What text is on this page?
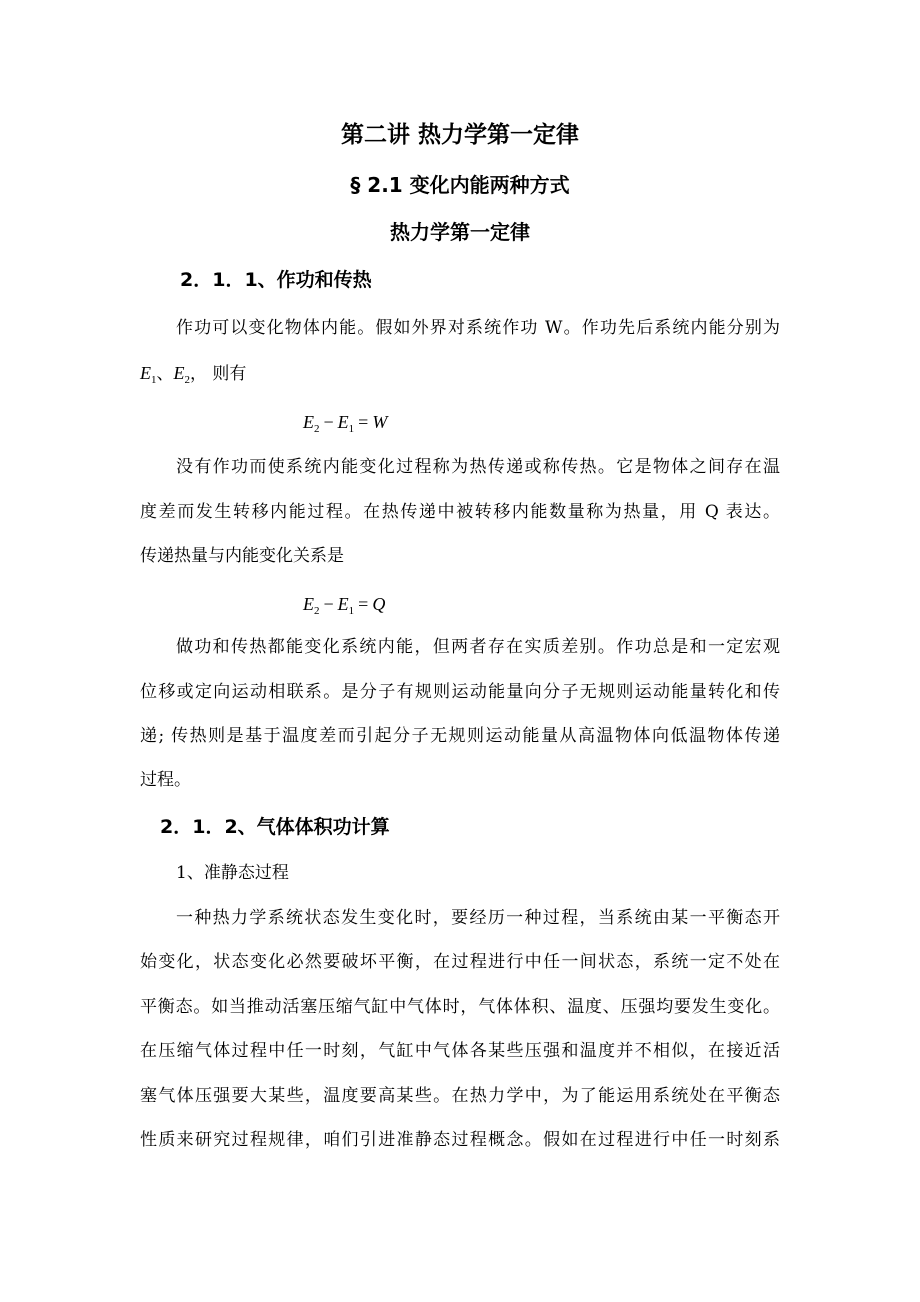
第二讲 热力学第一定律
§ 2.1 变化内能两种方式
热力学第一定律
2．1．1、作功和传热
作功可以变化物体内能。假如外界对系统作功 W。作功先后系统内能分别为
$E_1$、$E_2$， 则有
$E_2 - E_1 = W$
没有作功而使系统内能变化过程称为热传递或称传热。它是物体之间存在温
度差而发生转移内能过程。在热传递中被转移内能数量称为热量，用 Q 表达。
传递热量与内能变化关系是
$E_2 - E_1 = Q$
做功和传热都能变化系统内能，但两者存在实质差别。作功总是和一定宏观
位移或定向运动相联系。是分子有规则运动能量向分子无规则运动能量转化和传
递; 传热则是基于温度差而引起分子无规则运动能量从高温物体向低温物体传递
过程。
2．1．2、气体体积功计算
1、准静态过程
一种热力学系统状态发生变化时，要经历一种过程，当系统由某一平衡态开
始变化，状态变化必然要破坏平衡，在过程进行中任一间状态，系统一定不处在
平衡态。如当推动活塞压缩气缸中气体时，气体体积、温度、压强均要发生变化。
在压缩气体过程中任一时刻，气缸中气体各某些压强和温度并不相似，在接近活
塞气体压强要大某些，温度要高某些。在热力学中，为了能运用系统处在平衡态
性质来研究过程规律，咱们引进准静态过程概念。假如在过程进行中任一时刻系
